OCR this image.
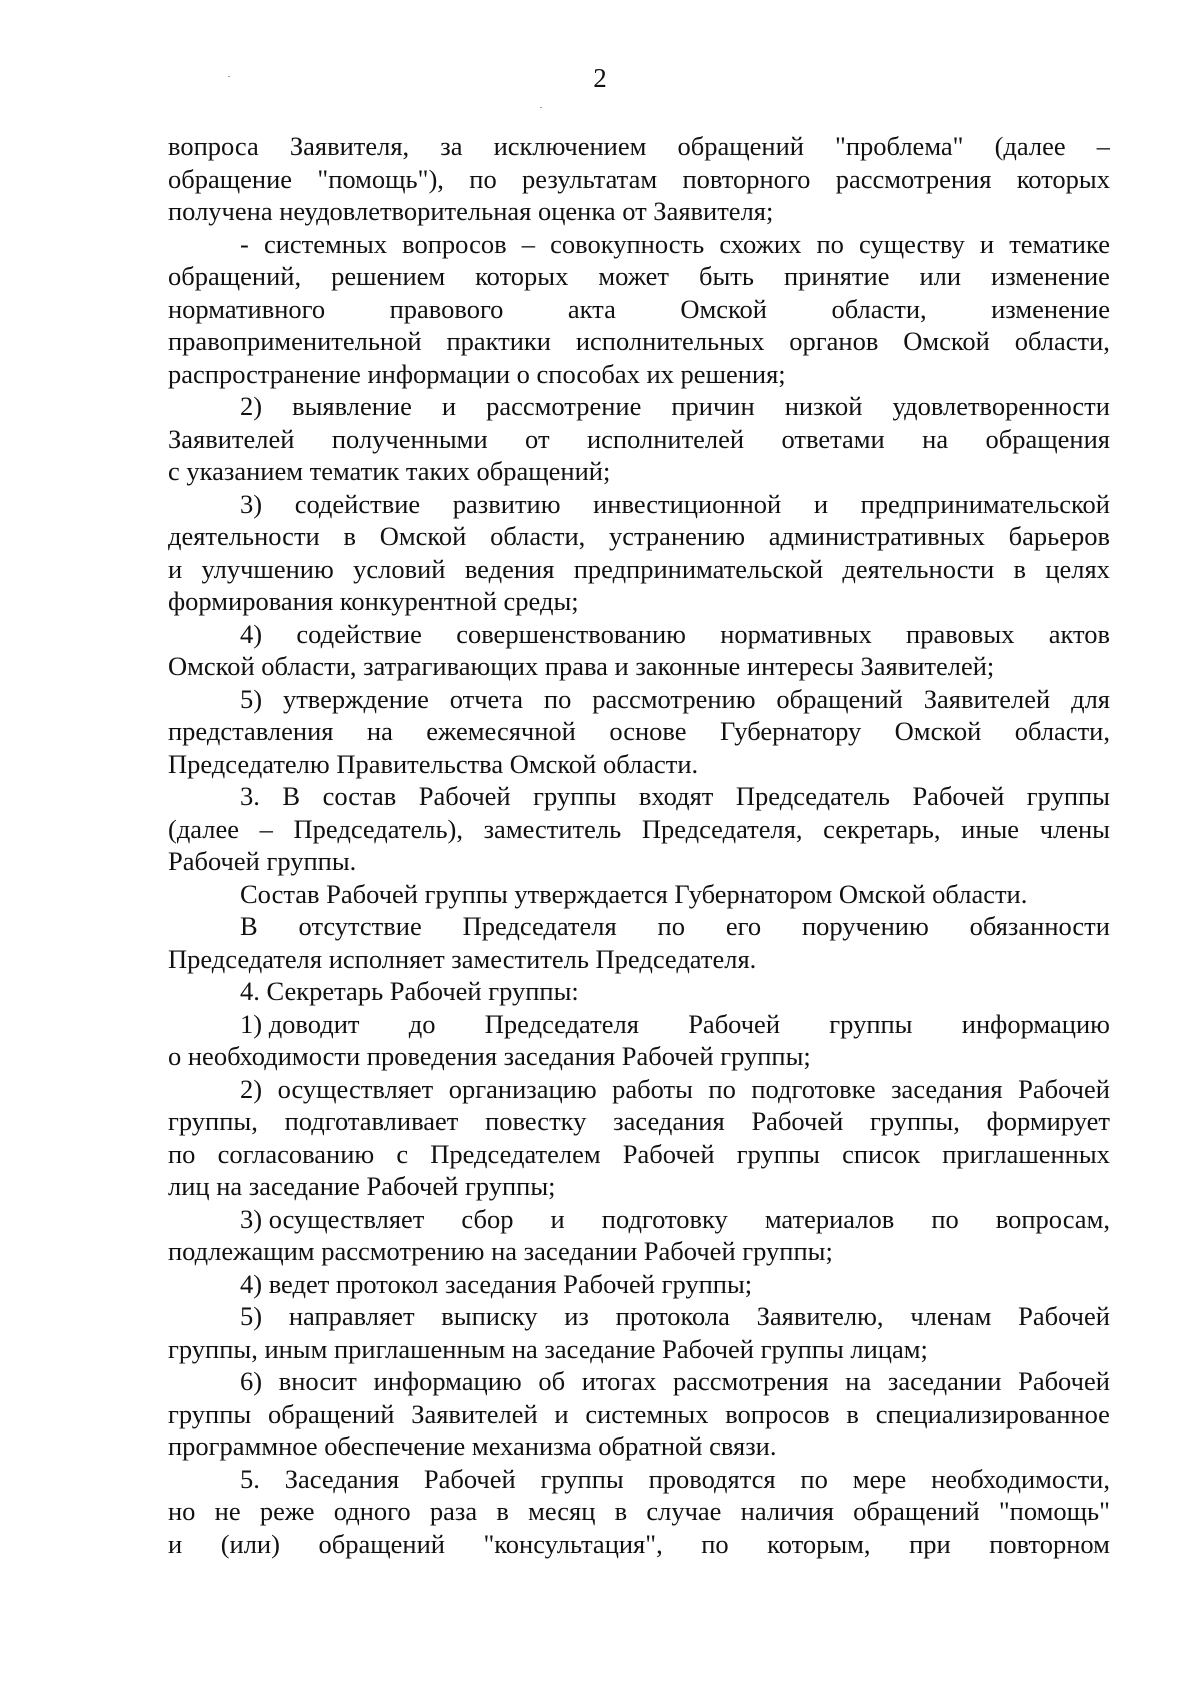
2
вопроса Заявителя, за исключением обращений "проблема" (далее –
обращение "помощь"), по результатам повторного рассмотрения которых
получена неудовлетворительная оценка от Заявителя;
- системных вопросов – совокупность схожих по существу и тематике
обращений, решением которых может быть принятие или изменение
нормативного правового акта Омской области, изменение
правоприменительной практики исполнительных органов Омской области,
распространение информации о способах их решения;
2) выявление и рассмотрение причин низкой удовлетворенности
Заявителей полученными от исполнителей ответами на обращения
с указанием тематик таких обращений;
3) содействие развитию инвестиционной и предпринимательской
деятельности в Омской области, устранению административных барьеров
и улучшению условий ведения предпринимательской деятельности в целях
формирования конкурентной среды;
4) содействие совершенствованию нормативных правовых актов
Омской области, затрагивающих права и законные интересы Заявителей;
5) утверждение отчета по рассмотрению обращений Заявителей для
представления на ежемесячной основе Губернатору Омской области,
Председателю Правительства Омской области.
3. В состав Рабочей группы входят Председатель Рабочей группы
(далее – Председатель), заместитель Председателя, секретарь, иные члены
Рабочей группы.
Состав Рабочей группы утверждается Губернатором Омской области.
В отсутствие Председателя по его поручению обязанности
Председателя исполняет заместитель Председателя.
4. Секретарь Рабочей группы:
1) доводит до Председателя Рабочей группы информацию
о необходимости проведения заседания Рабочей группы;
2) осуществляет организацию работы по подготовке заседания Рабочей
группы, подготавливает повестку заседания Рабочей группы, формирует
по согласованию с Председателем Рабочей группы список приглашенных
лиц на заседание Рабочей группы;
3) осуществляет сбор и подготовку материалов по вопросам,
подлежащим рассмотрению на заседании Рабочей группы;
4) ведет протокол заседания Рабочей группы;
5) направляет выписку из протокола Заявителю, членам Рабочей
группы, иным приглашенным на заседание Рабочей группы лицам;
6) вносит информацию об итогах рассмотрения на заседании Рабочей
группы обращений Заявителей и системных вопросов в специализированное
программное обеспечение механизма обратной связи.
5. Заседания Рабочей группы проводятся по мере необходимости,
но не реже одного раза в месяц в случае наличия обращений "помощь"
и (или) обращений "консультация", по которым, при повторном
